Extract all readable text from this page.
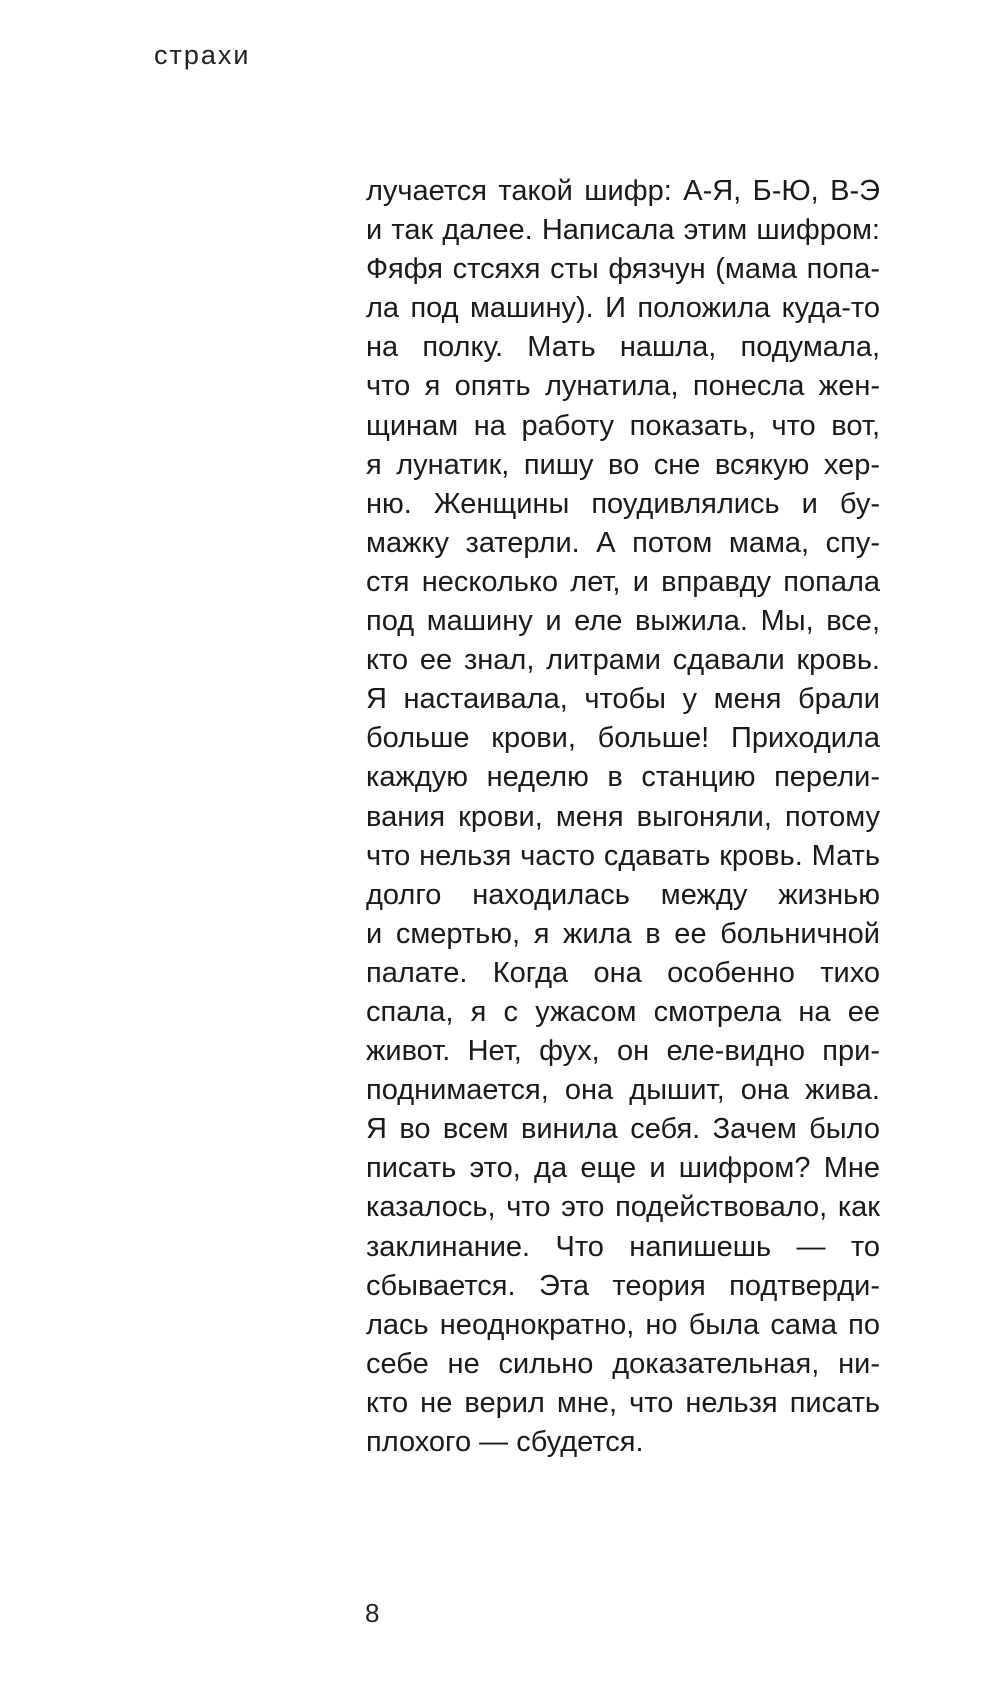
страхи
лучается такой шифр: А-Я, Б-Ю, В-Э
и так далее. Написала этим шифром:
Фяфя стсяхя сты фязчун (мама попа-
ла под машину). И положила куда-то
на полку. Мать нашла, подумала,
что я опять лунатила, понесла жен-
щинам на работу показать, что вот,
я лунатик, пишу во сне всякую хер-
ню. Женщины поудивлялись и бу-
мажку затерли. А потом мама, спу-
стя несколько лет, и вправду попала
под машину и еле выжила. Мы, все,
кто ее знал, литрами сдавали кровь.
Я настаивала, чтобы у меня брали
больше крови, больше! Приходила
каждую неделю в станцию перели-
вания крови, меня выгоняли, потому
что нельзя часто сдавать кровь. Мать
долго находилась между жизнью
и смертью, я жила в ее больничной
палате. Когда она особенно тихо
спала, я с ужасом смотрела на ее
живот. Нет, фух, он еле-видно при-
поднимается, она дышит, она жива.
Я во всем винила себя. Зачем было
писать это, да еще и шифром? Мне
казалось, что это подействовало, как
заклинание. Что напишешь — то
сбывается. Эта теория подтверди-
лась неоднократно, но была сама по
себе не сильно доказательная, ни-
кто не верил мне, что нельзя писать
плохого — сбудется.
8
